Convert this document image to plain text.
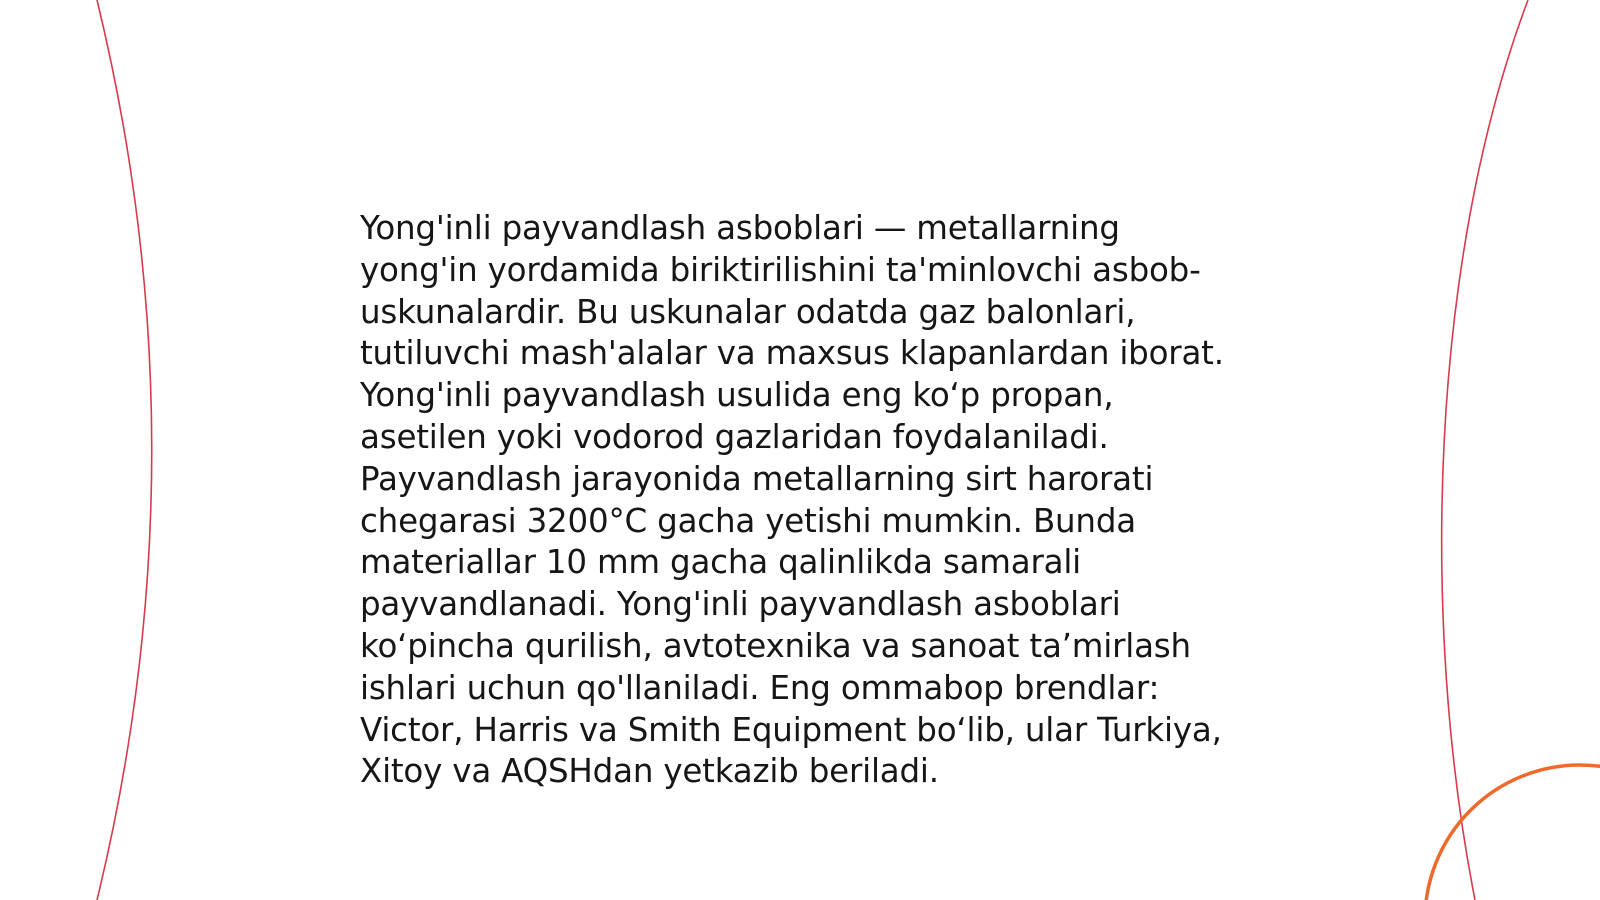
Yong'inli payvandlash asboblari — metallarning
yong'in yordamida biriktirilishini ta'minlovchi asbob-
uskunalardir. Bu uskunalar odatda gaz balonlari,
tutiluvchi mash'alalar va maxsus klapanlardan iborat.
Yong'inli payvandlash usulida eng ko‘p propan,
asetilen yoki vodorod gazlaridan foydalaniladi.
Payvandlash jarayonida metallarning sirt harorati
chegarasi 3200°C gacha yetishi mumkin. Bunda
materiallar 10 mm gacha qalinlikda samarali
payvandlanadi. Yong'inli payvandlash asboblari
ko‘pincha qurilish, avtotexnika va sanoat ta’mirlash
ishlari uchun qo'llaniladi. Eng ommabop brendlar:
Victor, Harris va Smith Equipment bo‘lib, ular Turkiya,
Xitoy va AQSHdan yetkazib beriladi.
